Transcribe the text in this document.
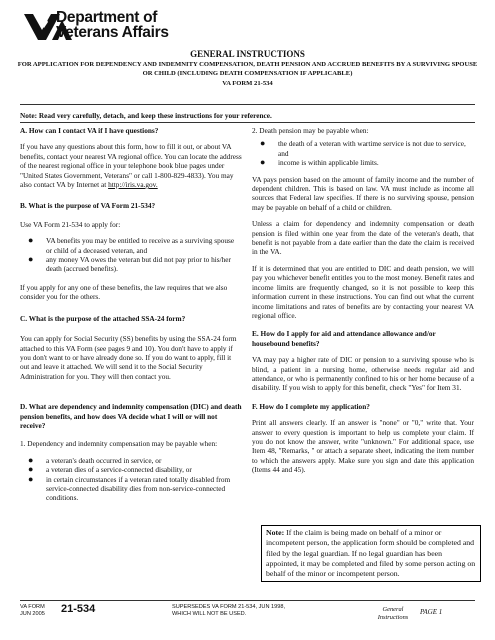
Department of
Veterans Affairs
GENERAL INSTRUCTIONS
FOR APPLICATION FOR DEPENDENCY AND INDEMNITY COMPENSATION, DEATH PENSION AND ACCRUED BENEFITS BY A SURVIVING SPOUSE OR CHILD (INCLUDING DEATH COMPENSATION IF APPLICABLE)
VA FORM 21-534
Note: Read very carefully, detach, and keep these instructions for your reference.

A. How can I contact VA if I have questions?

If you have any questions about this form, how to fill it out, or about VA benefits, contact your nearest VA regional office. You can locate the address of the nearest regional office in your telephone book blue pages under "United States Government, Veterans" or call 1-800-829-4833). You may also contact VA by Internet at http://iris.va.gov.

B. What is the purpose of VA Form 21-534?

Use VA Form 21-534 to apply for:

● VA benefits you may be entitled to receive as a surviving spouse or child of a deceased veteran, and

● any money VA owes the veteran but did not pay prior to his/her death (accrued benefits).

If you apply for any one of these benefits, the law requires that we also consider you for the others.

C. What is the purpose of the attached SSA-24 form?

You can apply for Social Security (SS) benefits by using the SSA-24 form attached to this VA Form (see pages 9 and 10). You don't have to apply if you don't want to or have already done so. If you do want to apply, fill it out and leave it attached. We will send it to the Social Security Administration for you. They will then contact you.

D. What are dependency and indemnity compensation (DIC) and death pension benefits, and how does VA decide what I will or will not receive?

1. Dependency and indemnity compensation may be payable when:

● a veteran's death occurred in service, or

● a veteran dies of a service-connected disability, or

● in certain circumstances if a veteran rated totally disabled from service-connected disability dies from non-service-connected conditions.

2. Death pension may be payable when:

● the death of a veteran with wartime service is not due to service, and

● income is within applicable limits.

VA pays pension based on the amount of family income and the number of dependent children. This is based on law. VA must include as income all sources that Federal law specifies. If there is no surviving spouse, pension may be payable on behalf of a child or children.

Unless a claim for dependency and indemnity compensation or death pension is filed within one year from the date of the veteran's death, that benefit is not payable from a date earlier than the date the claim is received in the VA.

If it is determined that you are entitled to DIC and death pension, we will pay you whichever benefit entitles you to the most money. Benefit rates and income limits are frequently changed, so it is not possible to keep this information current in these instructions. You can find out what the current income limitations and rates of benefits are by contacting your nearest VA regional office.

E. How do I apply for aid and attendance allowance and/or housebound benefits?

VA may pay a higher rate of DIC or pension to a surviving spouse who is blind, a patient in a nursing home, otherwise needs regular aid and attendance, or who is permanently confined to his or her home because of a disability. If you wish to apply for this benefit, check "Yes" for Item 31.

F. How do I complete my application?

Print all answers clearly. If an answer is "none" or "0," write that. Your answer to every question is important to help us complete your claim. If you do not know the answer, write "unknown." For additional space, use Item 48, "Remarks, " or attach a separate sheet, indicating the item number to which the answers apply. Make sure you sign and date this application (Items 44 and 45).

Note: If the claim is being made on behalf of a minor or incompetent person, the application form should be completed and filed by the legal guardian. If no legal guardian has been appointed, it may be completed and filed by some person acting on behalf of the minor or incompetent person.
VA FORM
JUN 2005 21-534	SUPERSEDES VA FORM 21-534, JUN 1998,
WHICH WILL NOT BE USED.
General
Instructions
PAGE 1
